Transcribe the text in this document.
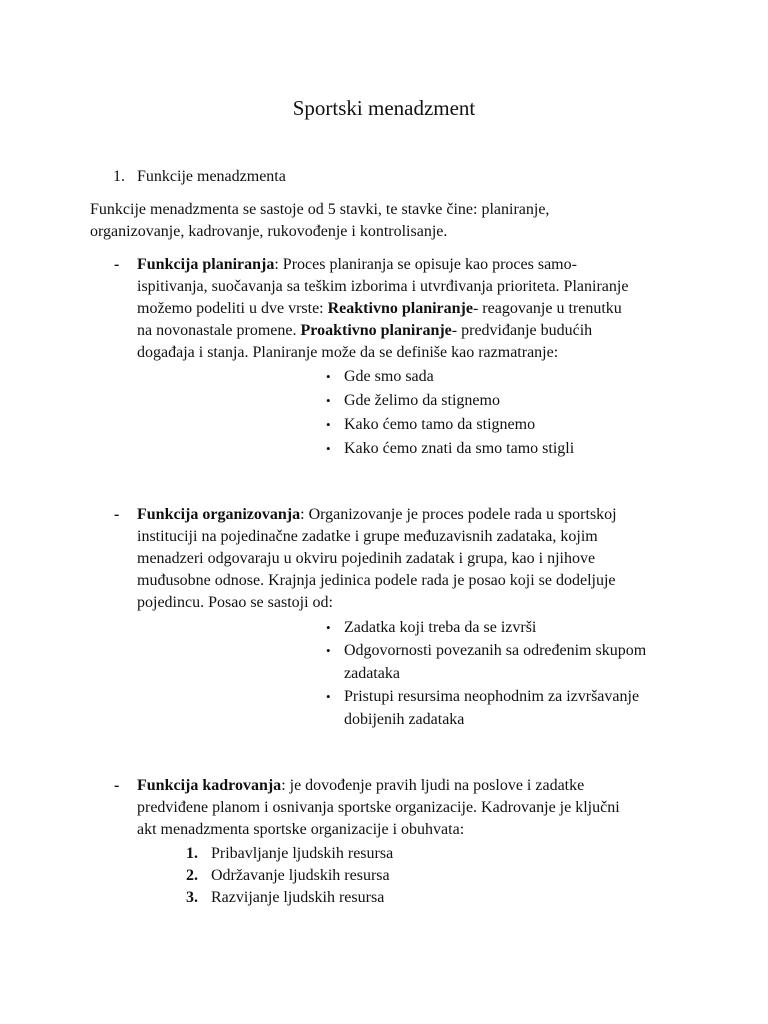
Sportski menadzment
1. Funkcije menadzmenta
Funkcije menadzmenta se sastoje od 5 stavki, te stavke čine: planiranje,
organizovanje, kadrovanje, rukovođenje i kontrolisanje.
- Funkcija planiranja: Proces planiranja se opisuje kao proces samo-
ispitivanja, suočavanja sa teškim izborima i utvrđivanja prioriteta. Planiranje
možemo podeliti u dve vrste: Reaktivno planiranje- reagovanje u trenutku
na novonastale promene. Proaktivno planiranje- predviđanje budućih
događaja i stanja. Planiranje može da se definiše kao razmatranje:
• Gde smo sada
• Gde želimo da stignemo
• Kako ćemo tamo da stignemo
• Kako ćemo znati da smo tamo stigli
- Funkcija organizovanja: Organizovanje je proces podele rada u sportskoj
instituciji na pojedinačne zadatke i grupe međuzavisnih zadataka, kojim
menadzeri odgovaraju u okviru pojedinih zadatak i grupa, kao i njihove
muđusobne odnose. Krajnja jedinica podele rada je posao koji se dodeljuje
pojedincu. Posao se sastoji od:
• Zadatka koji treba da se izvrši
• Odgovornosti povezanih sa određenim skupom
zadataka
• Pristupi resursima neophodnim za izvršavanje
dobijenih zadataka
- Funkcija kadrovanja: je dovođenje pravih ljudi na poslove i zadatke
predviđene planom i osnivanja sportske organizacije. Kadrovanje je ključni
akt menadzmenta sportske organizacije i obuhvata:
1. Pribavljanje ljudskih resursa
2. Održavanje ljudskih resursa
3. Razvijanje ljudskih resursa
